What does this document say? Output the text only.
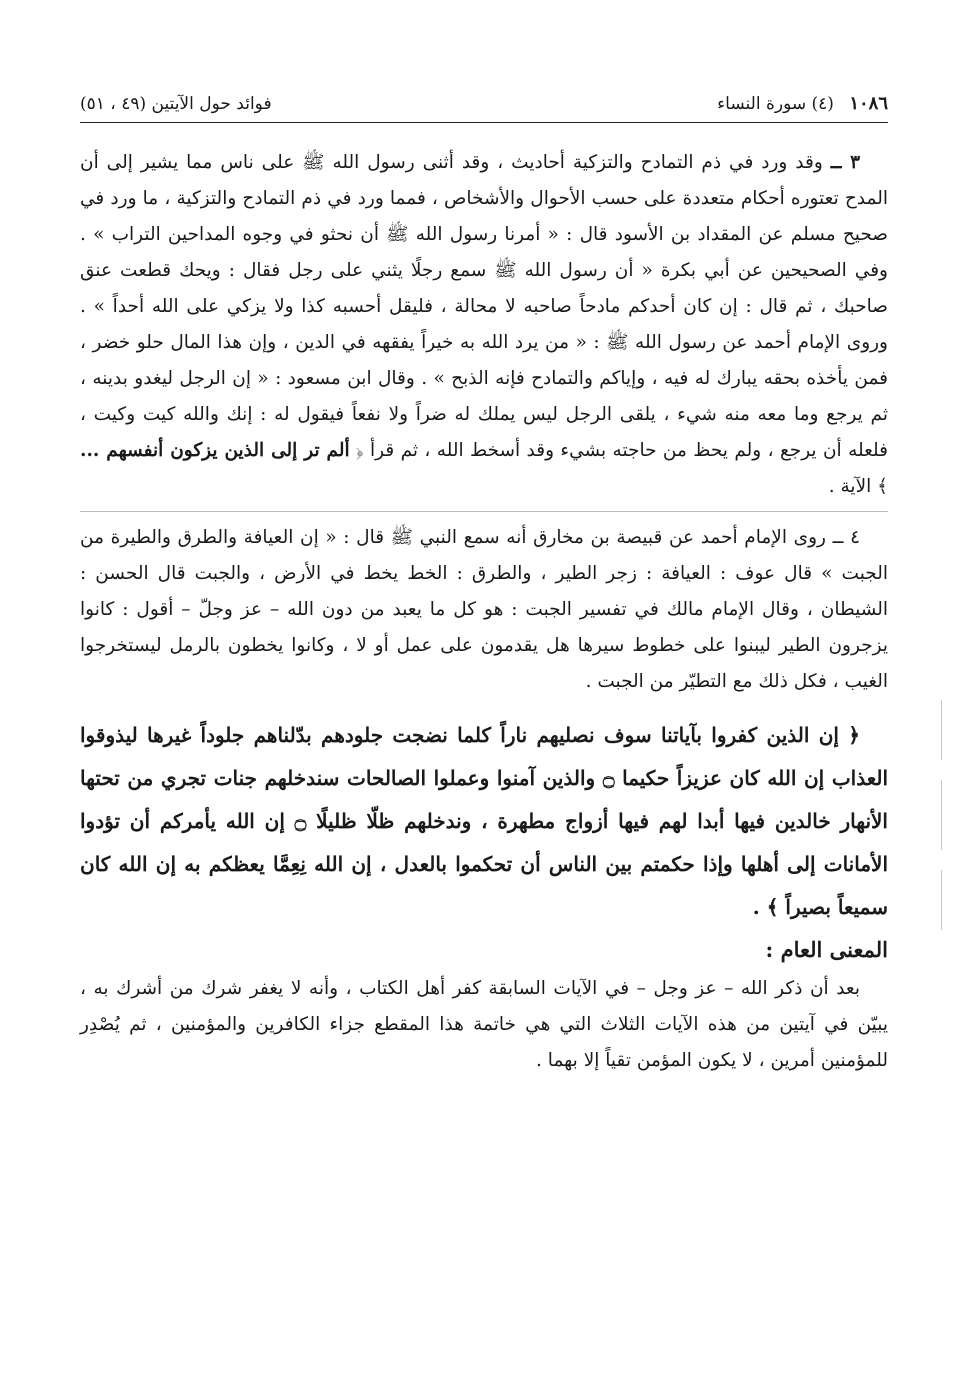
١٠٨٦ (٤) سورة النساء
فوائد حول الآيتين (٤٩ ، ٥١)

٣ ــ وقد ورد في ذم التمادح والتزكية أحاديث ، وقد أثنى رسول الله ﷺ على ناس مما يشير إلى أن المدح تعتوره أحكام متعددة على حسب الأحوال والأشخاص ، فمما ورد في ذم التمادح والتزكية ، ما ورد في صحيح مسلم عن المقداد بن الأسود قال : « أمرنا رسول الله ﷺ أن نحثو في وجوه المداحين التراب » . وفي الصحيحين عن أبي بكرة « أن رسول الله ﷺ سمع رجلًا يثني على رجل فقال : ويحك قطعت عنق صاحبك ، ثم قال : إن كان أحدكم مادحاً صاحبه لا محالة ، فليقل أحسبه كذا ولا يزكي على الله أحداً » . وروى الإمام أحمد عن رسول الله ﷺ : « من يرد الله به خيراً يفقهه في الدين ، وإن هذا المال حلو خضر ، فمن يأخذه بحقه يبارك له فيه ، وإياكم والتمادح فإنه الذبح » . وقال ابن مسعود : « إن الرجل ليغدو بدينه ، ثم يرجع وما معه منه شيء ، يلقى الرجل ليس يملك له ضراً ولا نفعاً فيقول له : إنك والله كيت وكيت ، فلعله أن يرجع ، ولم يحظ من حاجته بشيء وقد أسخط الله ، ثم قرأ ﴿ ألم تر إلى الذين يزكون أنفسهم ... ﴾ الآية .

٤ ــ روى الإمام أحمد عن قبيصة بن مخارق أنه سمع النبي ﷺ قال : « إن العيافة والطرق والطيرة من الجبت » قال عوف : العيافة : زجر الطير ، والطرق : الخط يخط في الأرض ، والجبت قال الحسن : الشيطان ، وقال الإمام مالك في تفسير الجبت : هو كل ما يعبد من دون الله – عز وجلّ – أقول : كانوا يزجرون الطير ليبنوا على خطوط سيرها هل يقدمون على عمل أو لا ، وكانوا يخطون بالرمل ليستخرجوا الغيب ، فكل ذلك مع التطيّر من الجبت .

﴿ إن الذين كفروا بآياتنا سوف نصليهم ناراً كلما نضجت جلودهم بدّلناهم جلوداً غيرها ليذوقوا العذاب إن الله كان عزيزاً حكيما ۝ والذين آمنوا وعملوا الصالحات سندخلهم جنات تجري من تحتها الأنهار خالدين فيها أبدا لهم فيها أزواج مطهرة ، وندخلهم ظلّا ظليلًا ۝ إن الله يأمركم أن تؤدوا الأمانات إلى أهلها وإذا حكمتم بين الناس أن تحكموا بالعدل ، إن الله نِعِمَّا يعظكم به إن الله كان سميعاً بصيراً ﴾ .

المعنى العام :

بعد أن ذكر الله – عز وجل – في الآيات السابقة كفر أهل الكتاب ، وأنه لا يغفر شرك من أشرك به ، يبيّن في آيتين من هذه الآيات الثلاث التي هي خاتمة هذا المقطع جزاء الكافرين والمؤمنين ، ثم يُصْدِر للمؤمنين أمرين ، لا يكون المؤمن تقياً إلا بهما .
